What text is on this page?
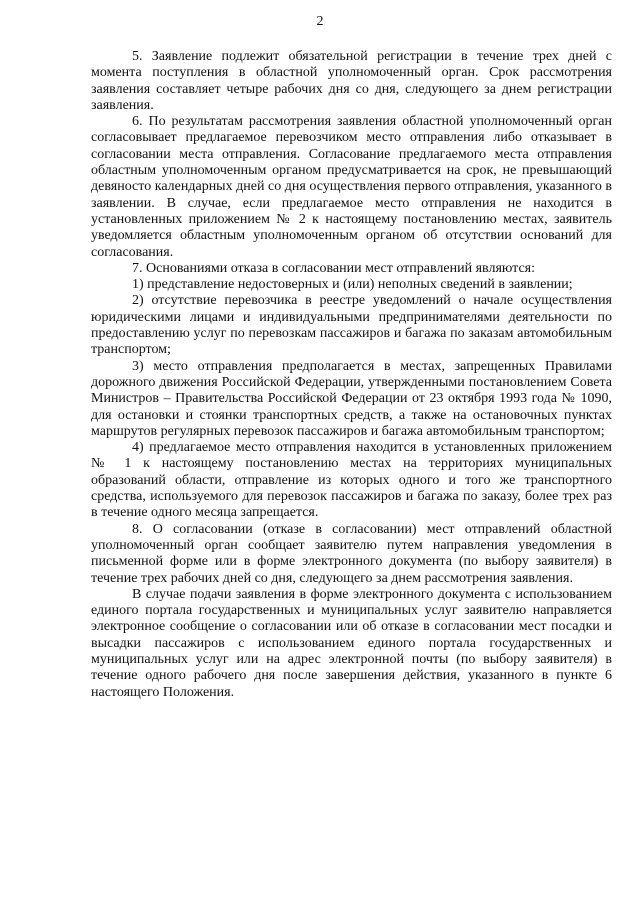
2

5. Заявление подлежит обязательной регистрации в течение трех дней с момента поступления в областной уполномоченный орган. Срок рассмотрения заявления составляет четыре рабочих дня со дня, следующего за днем регистрации заявления.

6. По результатам рассмотрения заявления областной уполномоченный орган согласовывает предлагаемое перевозчиком место отправления либо отказывает в согласовании места отправления. Согласование предлагаемого места отправления областным уполномоченным органом предусматривается на срок, не превышающий девяносто календарных дней со дня осуществления первого отправления, указанного в заявлении. В случае, если предлагаемое место отправления не находится в установленных приложением № 2 к настоящему постановлению местах, заявитель уведомляется областным уполномоченным органом об отсутствии оснований для согласования.

7. Основаниями отказа в согласовании мест отправлений являются:

1) представление недостоверных и (или) неполных сведений в заявлении;

2) отсутствие перевозчика в реестре уведомлений о начале осуществления юридическими лицами и индивидуальными предпринимателями деятельности по предоставлению услуг по перевозкам пассажиров и багажа по заказам автомобильным транспортом;

3) место отправления предполагается в местах, запрещенных Правилами дорожного движения Российской Федерации, утвержденными постановлением Совета Министров – Правительства Российской Федерации от 23 октября 1993 года № 1090, для остановки и стоянки транспортных средств, а также на остановочных пунктах маршрутов регулярных перевозок пассажиров и багажа автомобильным транспортом;

4) предлагаемое место отправления находится в установленных приложением № 1 к настоящему постановлению местах на территориях муниципальных образований области, отправление из которых одного и того же транспортного средства, используемого для перевозок пассажиров и багажа по заказу, более трех раз в течение одного месяца запрещается.

8. О согласовании (отказе в согласовании) мест отправлений областной уполномоченный орган сообщает заявителю путем направления уведомления в письменной форме или в форме электронного документа (по выбору заявителя) в течение трех рабочих дней со дня, следующего за днем рассмотрения заявления.

В случае подачи заявления в форме электронного документа с использованием единого портала государственных и муниципальных услуг заявителю направляется электронное сообщение о согласовании или об отказе в согласовании мест посадки и высадки пассажиров с использованием единого портала государственных и муниципальных услуг или на адрес электронной почты (по выбору заявителя) в течение одного рабочего дня после завершения действия, указанного в пункте 6 настоящего Положения.
